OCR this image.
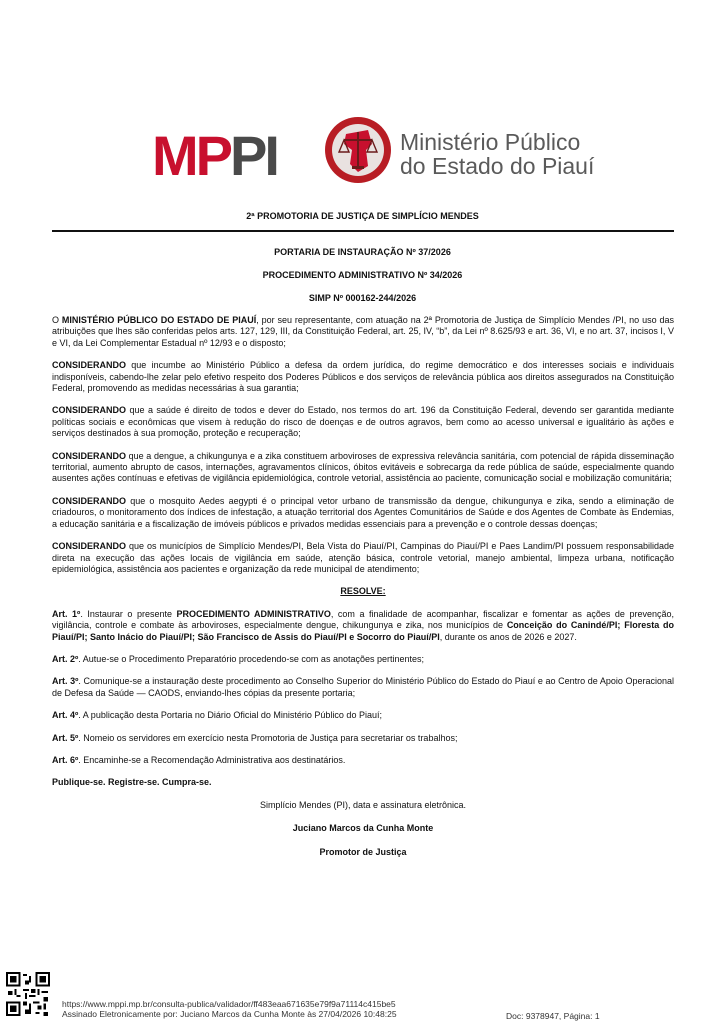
MPPI	Ministério Público
do Estado do Piauí
2ª PROMOTORIA DE JUSTIÇA DE SIMPLÍCIO MENDES
PORTARIA DE INSTAURAÇÃO Nº 37/2026
PROCEDIMENTO ADMINISTRATIVO Nº 34/2026
SIMP Nº 000162-244/2026

O MINISTÉRIO PÚBLICO DO ESTADO DE PIAUÍ, por seu representante, com atuação na 2ª Promotoria de Justiça de Simplício Mendes /PI, no uso das atribuições que lhes são conferidas pelos arts. 127, 129, III, da Constituição Federal, art. 25, IV, “b”, da Lei nº 8.625/93 e art. 36, VI, e no art. 37, incisos I, V e VI, da Lei Complementar Estadual nº 12/93 e o disposto;

CONSIDERANDO que incumbe ao Ministério Público a defesa da ordem jurídica, do regime democrático e dos interesses sociais e individuais indisponíveis, cabendo-lhe zelar pelo efetivo respeito dos Poderes Públicos e dos serviços de relevância pública aos direitos assegurados na Constituição Federal, promovendo as medidas necessárias à sua garantia;

CONSIDERANDO que a saúde é direito de todos e dever do Estado, nos termos do art. 196 da Constituição Federal, devendo ser garantida mediante políticas sociais e econômicas que visem à redução do risco de doenças e de outros agravos, bem como ao acesso universal e igualitário às ações e serviços destinados à sua promoção, proteção e recuperação;

CONSIDERANDO que a dengue, a chikungunya e a zika constituem arboviroses de expressiva relevância sanitária, com potencial de rápida disseminação territorial, aumento abrupto de casos, internações, agravamentos clínicos, óbitos evitáveis e sobrecarga da rede pública de saúde, especialmente quando ausentes ações contínuas e efetivas de vigilância epidemiológica, controle vetorial, assistência ao paciente, comunicação social e mobilização comunitária;

CONSIDERANDO que o mosquito Aedes aegypti é o principal vetor urbano de transmissão da dengue, chikungunya e zika, sendo a eliminação de criadouros, o monitoramento dos índices de infestação, a atuação territorial dos Agentes Comunitários de Saúde e dos Agentes de Combate às Endemias, a educação sanitária e a fiscalização de imóveis públicos e privados medidas essenciais para a prevenção e o controle dessas doenças;

CONSIDERANDO que os municípios de Simplício Mendes/PI, Bela Vista do Piauí/PI, Campinas do Piauí/PI e Paes Landim/PI possuem responsabilidade direta na execução das ações locais de vigilância em saúde, atenção básica, controle vetorial, manejo ambiental, limpeza urbana, notificação epidemiológica, assistência aos pacientes e organização da rede municipal de atendimento;

RESOLVE:

Art. 1º. Instaurar o presente PROCEDIMENTO ADMINISTRATIVO, com a finalidade de acompanhar, fiscalizar e fomentar as ações de prevenção, vigilância, controle e combate às arboviroses, especialmente dengue, chikungunya e zika, nos municípios de Conceição do Canindé/PI; Floresta do Piauí/PI; Santo Inácio do Piauí/PI; São Francisco de Assis do Piauí/PI e Socorro do Piauí/PI, durante os anos de 2026 e 2027.

Art. 2º. Autue-se o Procedimento Preparatório procedendo-se com as anotações pertinentes;

Art. 3º. Comunique-se a instauração deste procedimento ao Conselho Superior do Ministério Público do Estado do Piauí e ao Centro de Apoio Operacional de Defesa da Saúde — CAODS, enviando-lhes cópias da presente portaria;

Art. 4º. A publicação desta Portaria no Diário Oficial do Ministério Público do Piauí;

Art. 5º. Nomeio os servidores em exercício nesta Promotoria de Justiça para secretariar os trabalhos;

Art. 6º. Encaminhe-se a Recomendação Administrativa aos destinatários.

Publique-se. Registre-se. Cumpra-se.

Simplício Mendes (PI), data e assinatura eletrônica.

Juciano Marcos da Cunha Monte

Promotor de Justiça

https://www.mppi.mp.br/consulta-publica/validador/ff483eaa671635e79f9a71114c415be5
Assinado Eletronicamente por: Juciano Marcos da Cunha Monte às 27/04/2026 10:48:25	Doc: 9378947, Página: 1
